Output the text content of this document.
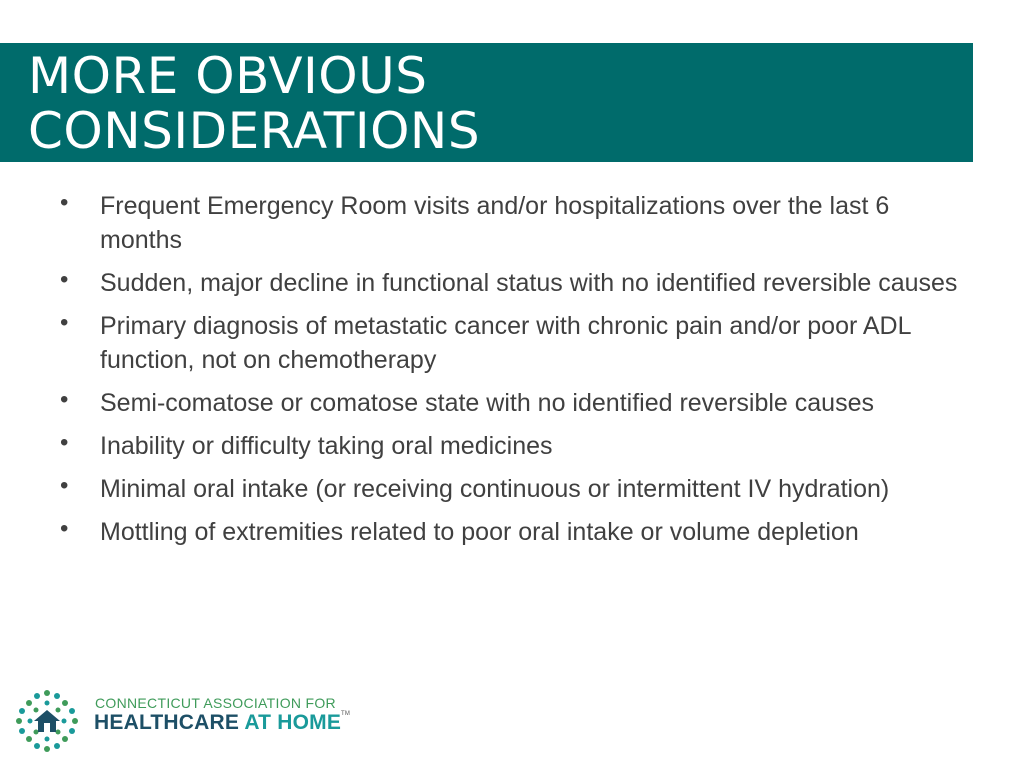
MORE OBVIOUS
CONSIDERATIONS
• Frequent Emergency Room visits and/or hospitalizations over the last 6 months
• Sudden, major decline in functional status with no identified reversible causes
• Primary diagnosis of metastatic cancer with chronic pain and/or poor ADL function, not on chemotherapy
• Semi-comatose or comatose state with no identified reversible causes
• Inability or difficulty taking oral medicines
• Minimal oral intake (or receiving continuous or intermittent IV hydration)
• Mottling of extremities related to poor oral intake or volume depletion
CONNECTICUT ASSOCIATION FOR
HEALTHCARE AT HOME™
